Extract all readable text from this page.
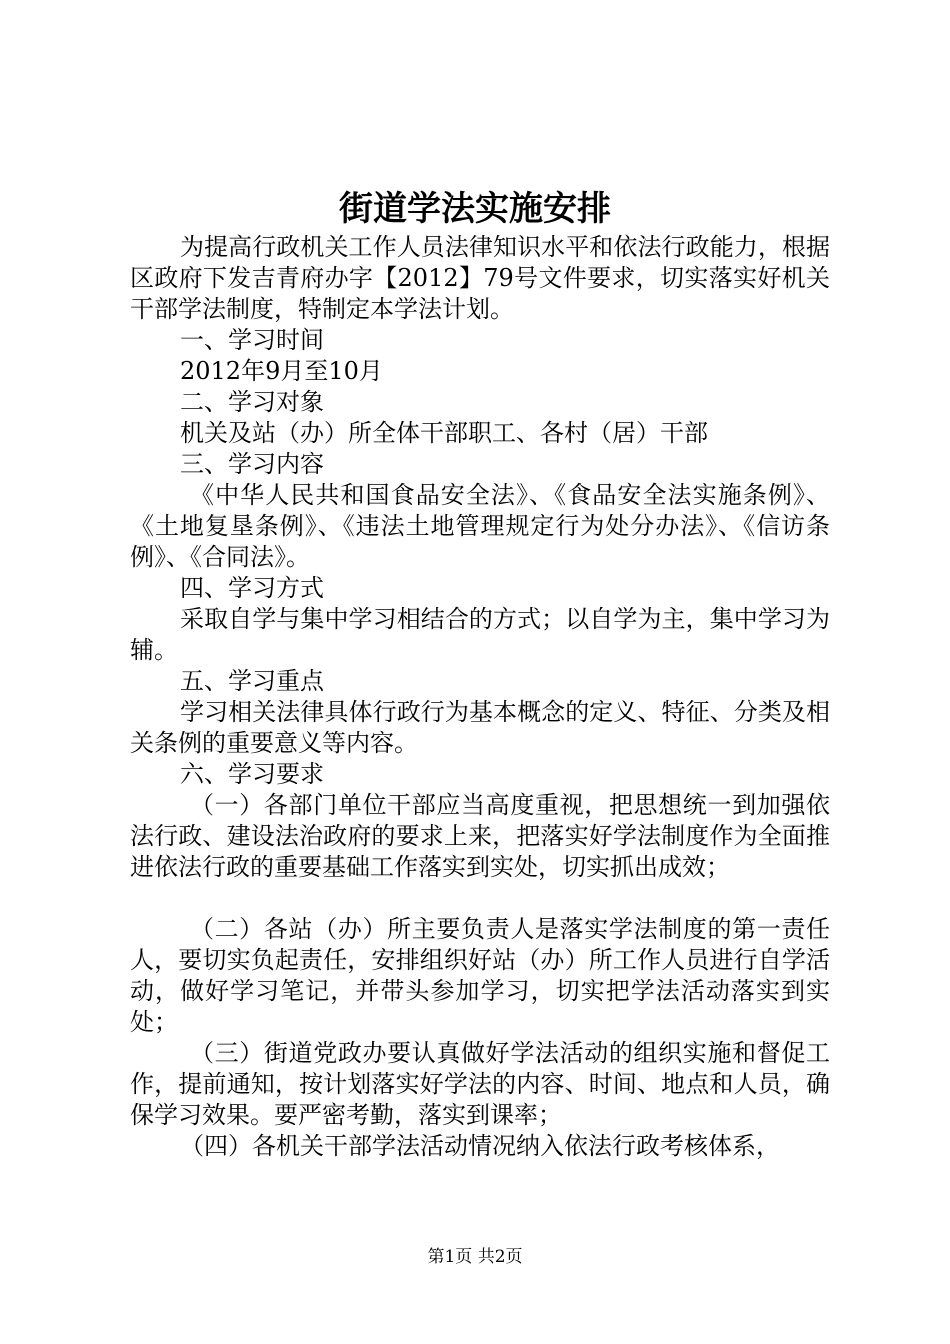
街道学法实施安排

为提高行政机关工作人员法律知识水平和依法行政能力，根据区政府下发吉青府办字【2012】79号文件要求，切实落实好机关干部学法制度，特制定本学法计划。

一、学习时间

2012年9月至10月

二、学习对象

机关及站（办）所全体干部职工、各村（居）干部

三、学习内容

《中华人民共和国食品安全法》、《食品安全法实施条例》、《土地复垦条例》、《违法土地管理规定行为处分办法》、《信访条例》、《合同法》。

四、学习方式

采取自学与集中学习相结合的方式；以自学为主，集中学习为辅。

五、学习重点

学习相关法律具体行政行为基本概念的定义、特征、分类及相关条例的重要意义等内容。

六、学习要求

（一）各部门单位干部应当高度重视，把思想统一到加强依法行政、建设法治政府的要求上来，把落实好学法制度作为全面推进依法行政的重要基础工作落实到实处，切实抓出成效；

（二）各站（办）所主要负责人是落实学法制度的第一责任人，要切实负起责任，安排组织好站（办）所工作人员进行自学活动，做好学习笔记，并带头参加学习，切实把学法活动落实到实处；

（三）街道党政办要认真做好学法活动的组织实施和督促工作，提前通知，按计划落实好学法的内容、时间、地点和人员，确保学习效果。要严密考勤，落实到课率；

（四）各机关干部学法活动情况纳入依法行政考核体系，

第1页 共2页
